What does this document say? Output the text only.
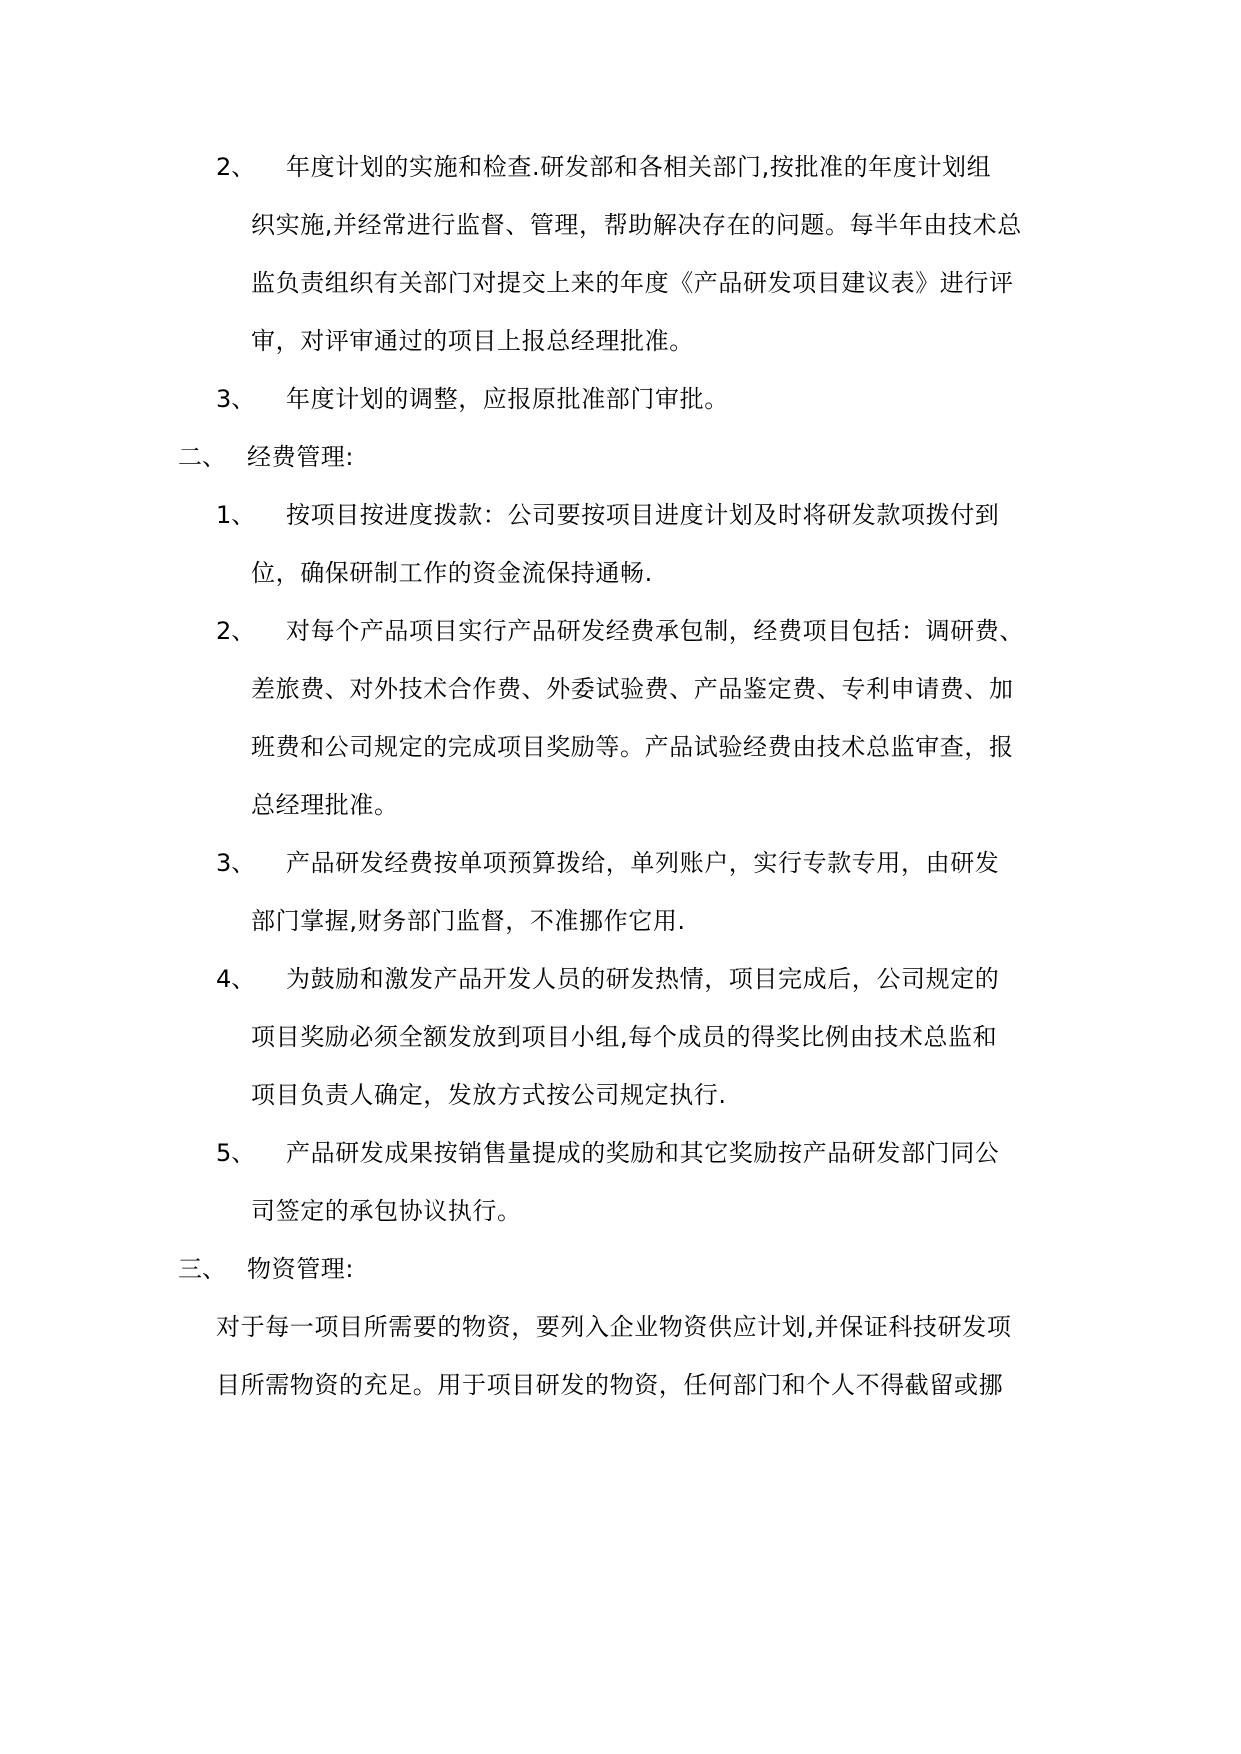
2、 年度计划的实施和检查.研发部和各相关部门,按批准的年度计划组

织实施,并经常进行监督、管理，帮助解决存在的问题。每半年由技术总

监负责组织有关部门对提交上来的年度《产品研发项目建议表》进行评

审，对评审通过的项目上报总经理批准。

3、 年度计划的调整，应报原批准部门审批。

二、 经费管理:

1、 按项目按进度拨款：公司要按项目进度计划及时将研发款项拨付到

位，确保研制工作的资金流保持通畅.

2、 对每个产品项目实行产品研发经费承包制，经费项目包括：调研费、

差旅费、对外技术合作费、外委试验费、产品鉴定费、专利申请费、加

班费和公司规定的完成项目奖励等。产品试验经费由技术总监审查，报

总经理批准。

3、 产品研发经费按单项预算拨给，单列账户，实行专款专用，由研发

部门掌握,财务部门监督，不准挪作它用.

4、 为鼓励和激发产品开发人员的研发热情，项目完成后，公司规定的

项目奖励必须全额发放到项目小组,每个成员的得奖比例由技术总监和

项目负责人确定，发放方式按公司规定执行.

5、 产品研发成果按销售量提成的奖励和其它奖励按产品研发部门同公

司签定的承包协议执行。

三、 物资管理:

对于每一项目所需要的物资，要列入企业物资供应计划,并保证科技研发项

目所需物资的充足。用于项目研发的物资，任何部门和个人不得截留或挪
